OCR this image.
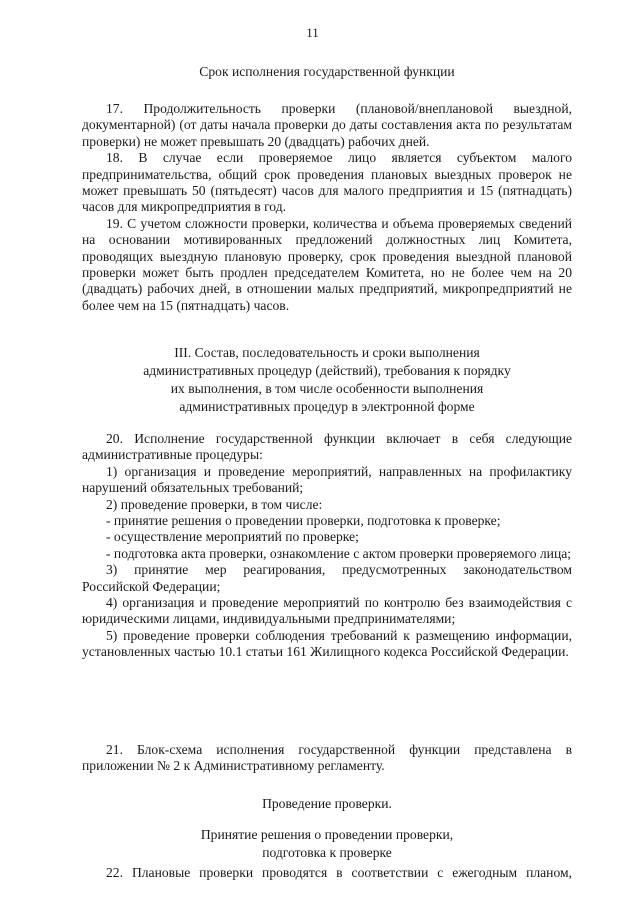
11
Срок исполнения государственной функции

17. Продолжительность проверки (плановой/внеплановой выездной, документарной) (от даты начала проверки до даты составления акта по результатам проверки) не может превышать 20 (двадцать) рабочих дней.

18. В случае если проверяемое лицо является субъектом малого предпринимательства, общий срок проведения плановых выездных проверок не может превышать 50 (пятьдесят) часов для малого предприятия и 15 (пятнадцать) часов для микропредприятия в год.

19. С учетом сложности проверки, количества и объема проверяемых сведений на основании мотивированных предложений должностных лиц Комитета, проводящих выездную плановую проверку, срок проведения выездной плановой проверки может быть продлен председателем Комитета, но не более чем на 20 (двадцать) рабочих дней, в отношении малых предприятий, микропредприятий не более чем на 15 (пятнадцать) часов.

III. Состав, последовательность и сроки выполнения
административных процедур (действий), требования к порядку
их выполнения, в том числе особенности выполнения
административных процедур в электронной форме

20. Исполнение государственной функции включает в себя следующие административные процедуры:

1) организация и проведение мероприятий, направленных на профилактику нарушений обязательных требований;

2) проведение проверки, в том числе:

- принятие решения о проведении проверки, подготовка к проверке;

- осуществление мероприятий по проверке;

- подготовка акта проверки, ознакомление с актом проверки проверяемого лица;

3) принятие мер реагирования, предусмотренных законодательством Российской Федерации;

4) организация и проведение мероприятий по контролю без взаимодействия с юридическими лицами, индивидуальными предпринимателями;

5) проведение проверки соблюдения требований к размещению информации, установленных частью 10.1 статьи 161 Жилищного кодекса Российской Федерации.

21. Блок-схема исполнения государственной функции представлена в приложении № 2 к Административному регламенту.

Проведение проверки.
Принятие решения о проведении проверки,
подготовка к проверке

22. Плановые проверки проводятся в соответствии с ежегодным планом,
